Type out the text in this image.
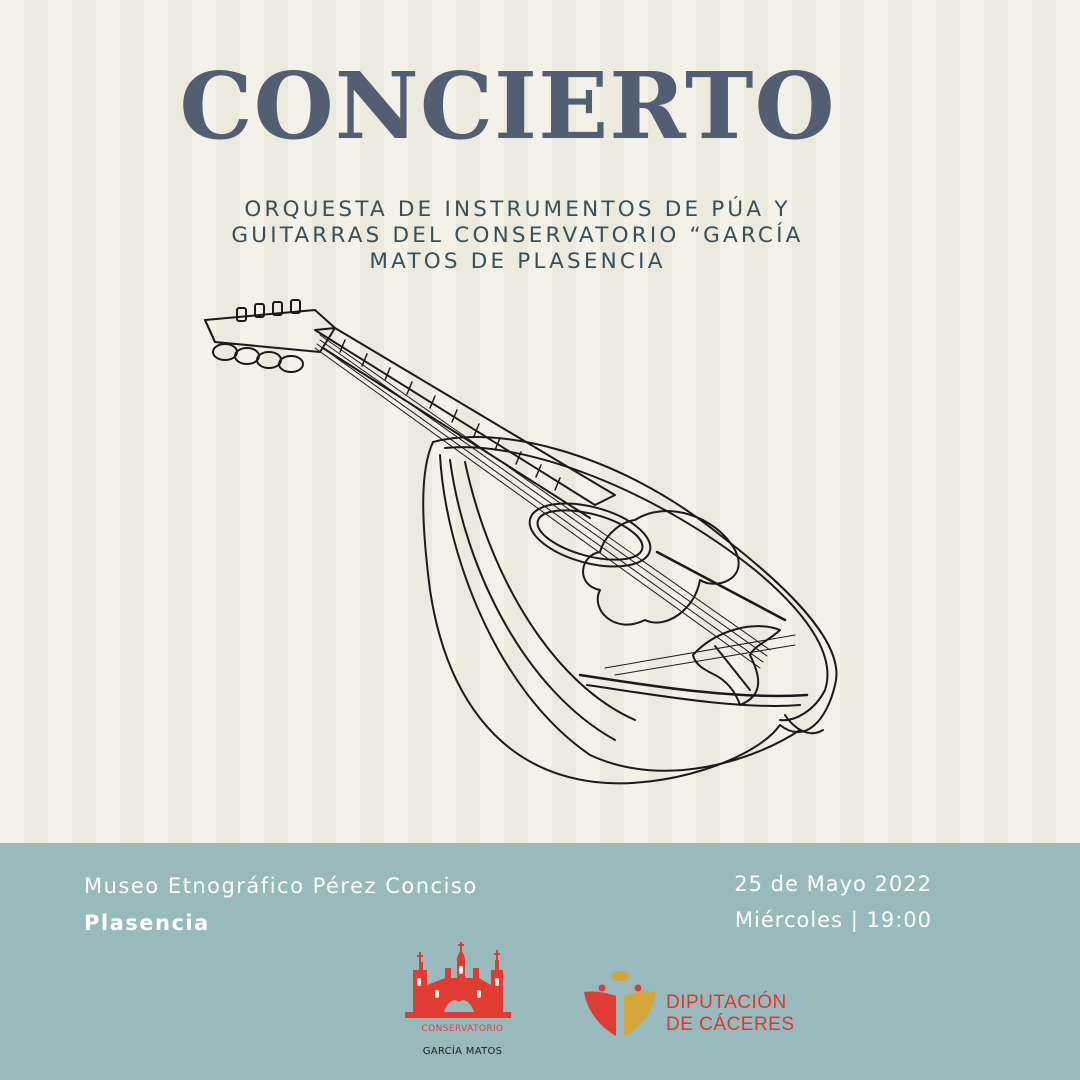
CONCIERTO
ORQUESTA DE INSTRUMENTOS DE PÚA Y GUITARRAS DEL CONSERVATORIO “GARCÍA MATOS DE PLASENCIA
Museo Etnográfico Pérez Conciso
Plasencia
25 de Mayo 2022
Miércoles | 19:00
CONSERVATORIO
GARCÍA MATOS
DIPUTACIÓN
DE CÁCERES
